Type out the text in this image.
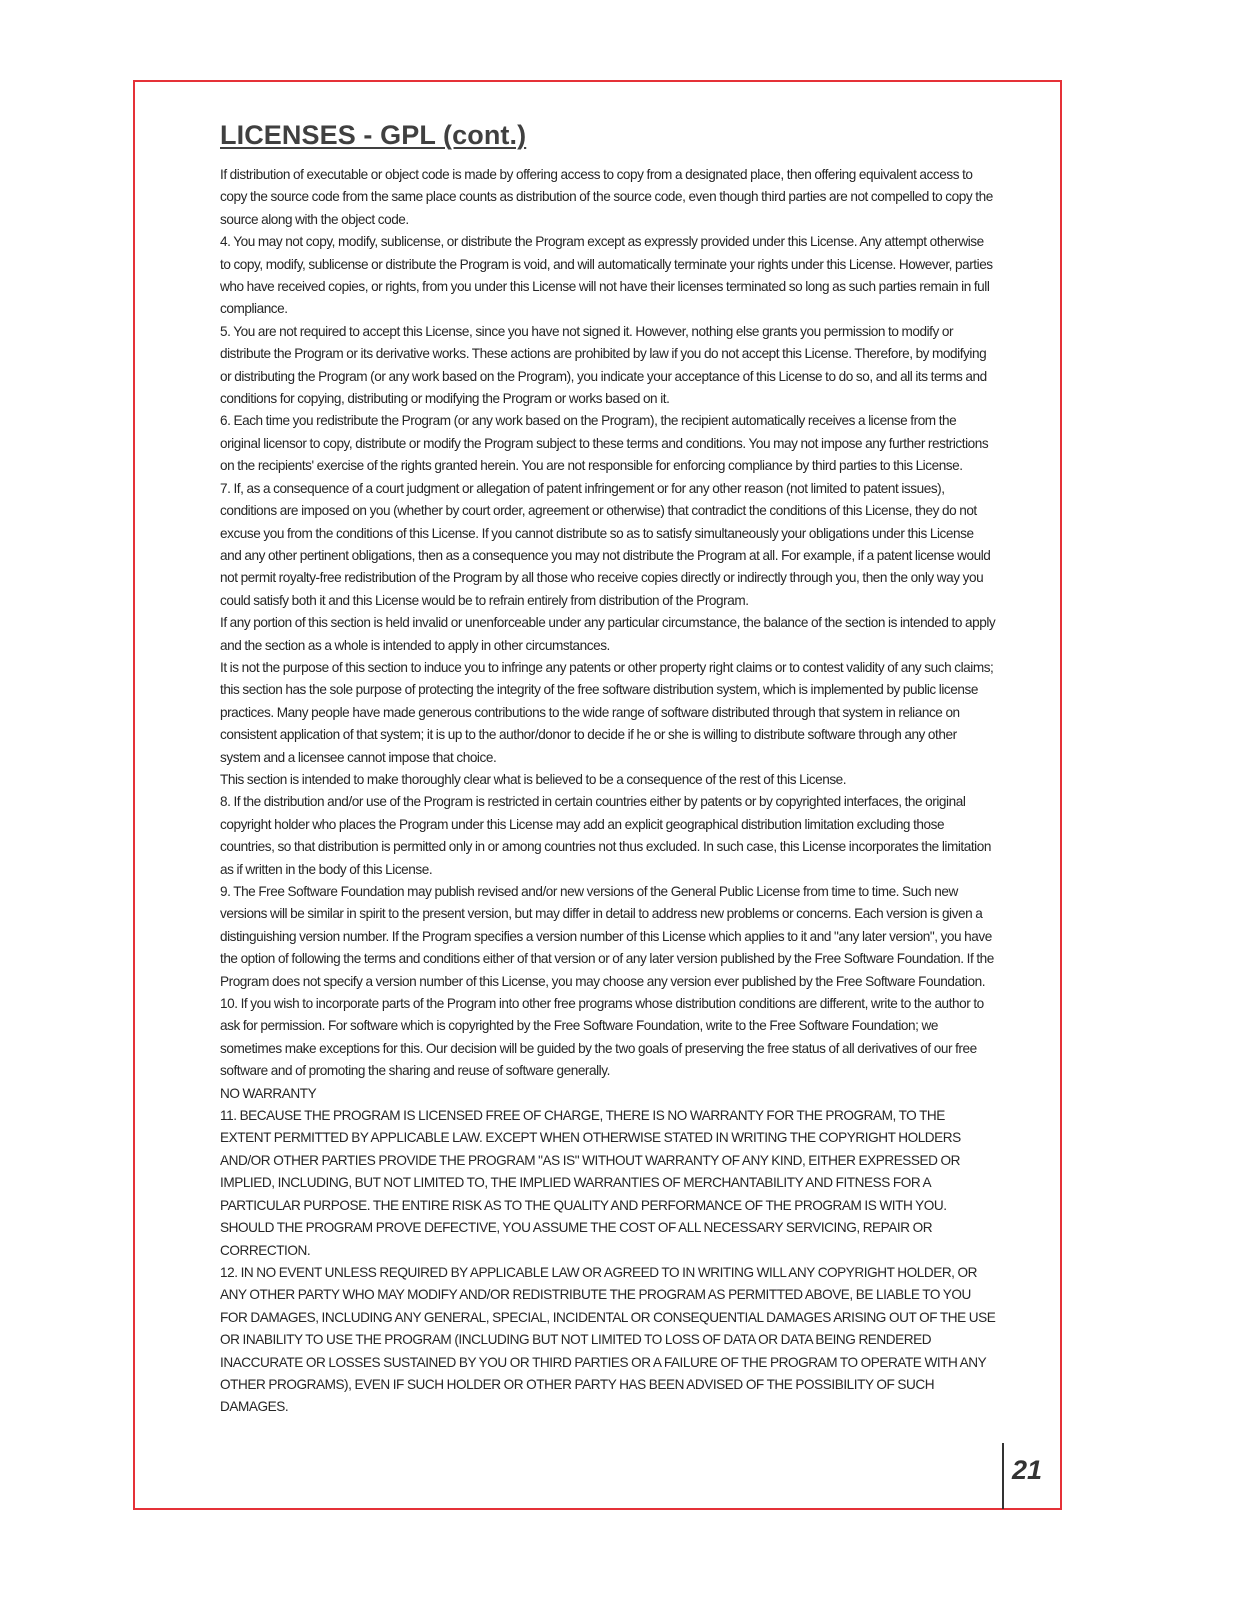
LICENSES - GPL (cont.)

If distribution of executable or object code is made by offering access to copy from a designated place, then offering equivalent access to copy the source code from the same place counts as distribution of the source code, even though third parties are not compelled to copy the source along with the object code.

4. You may not copy, modify, sublicense, or distribute the Program except as expressly provided under this License. Any attempt otherwise to copy, modify, sublicense or distribute the Program is void, and will automatically terminate your rights under this License. However, parties who have received copies, or rights, from you under this License will not have their licenses terminated so long as such parties remain in full compliance.

5. You are not required to accept this License, since you have not signed it. However, nothing else grants you permission to modify or distribute the Program or its derivative works. These actions are prohibited by law if you do not accept this License. Therefore, by modifying or distributing the Program (or any work based on the Program), you indicate your acceptance of this License to do so, and all its terms and conditions for copying, distributing or modifying the Program or works based on it.

6. Each time you redistribute the Program (or any work based on the Program), the recipient automatically receives a license from the original licensor to copy, distribute or modify the Program subject to these terms and conditions. You may not impose any further restrictions on the recipients' exercise of the rights granted herein. You are not responsible for enforcing compliance by third parties to this License.

7. If, as a consequence of a court judgment or allegation of patent infringement or for any other reason (not limited to patent issues), conditions are imposed on you (whether by court order, agreement or otherwise) that contradict the conditions of this License, they do not excuse you from the conditions of this License. If you cannot distribute so as to satisfy simultaneously your obligations under this License and any other pertinent obligations, then as a consequence you may not distribute the Program at all. For example, if a patent license would not permit royalty-free redistribution of the Program by all those who receive copies directly or indirectly through you, then the only way you could satisfy both it and this License would be to refrain entirely from distribution of the Program.

If any portion of this section is held invalid or unenforceable under any particular circumstance, the balance of the section is intended to apply and the section as a whole is intended to apply in other circumstances.

It is not the purpose of this section to induce you to infringe any patents or other property right claims or to contest validity of any such claims; this section has the sole purpose of protecting the integrity of the free software distribution system, which is implemented by public license practices. Many people have made generous contributions to the wide range of software distributed through that system in reliance on consistent application of that system; it is up to the author/donor to decide if he or she is willing to distribute software through any other system and a licensee cannot impose that choice.

This section is intended to make thoroughly clear what is believed to be a consequence of the rest of this License.

8. If the distribution and/or use of the Program is restricted in certain countries either by patents or by copyrighted interfaces, the original copyright holder who places the Program under this License may add an explicit geographical distribution limitation excluding those countries, so that distribution is permitted only in or among countries not thus excluded. In such case, this License incorporates the limitation as if written in the body of this License.

9. The Free Software Foundation may publish revised and/or new versions of the General Public License from time to time. Such new versions will be similar in spirit to the present version, but may differ in detail to address new problems or concerns. Each version is given a distinguishing version number. If the Program specifies a version number of this License which applies to it and "any later version", you have the option of following the terms and conditions either of that version or of any later version published by the Free Software Foundation. If the Program does not specify a version number of this License, you may choose any version ever published by the Free Software Foundation.

10. If you wish to incorporate parts of the Program into other free programs whose distribution conditions are different, write to the author to ask for permission. For software which is copyrighted by the Free Software Foundation, write to the Free Software Foundation; we sometimes make exceptions for this. Our decision will be guided by the two goals of preserving the free status of all derivatives of our free software and of promoting the sharing and reuse of software generally.

NO WARRANTY

11. BECAUSE THE PROGRAM IS LICENSED FREE OF CHARGE, THERE IS NO WARRANTY FOR THE PROGRAM, TO THE EXTENT PERMITTED BY APPLICABLE LAW. EXCEPT WHEN OTHERWISE STATED IN WRITING THE COPYRIGHT HOLDERS AND/OR OTHER PARTIES PROVIDE THE PROGRAM "AS IS" WITHOUT WARRANTY OF ANY KIND, EITHER EXPRESSED OR IMPLIED, INCLUDING, BUT NOT LIMITED TO, THE IMPLIED WARRANTIES OF MERCHANTABILITY AND FITNESS FOR A PARTICULAR PURPOSE. THE ENTIRE RISK AS TO THE QUALITY AND PERFORMANCE OF THE PROGRAM IS WITH YOU. SHOULD THE PROGRAM PROVE DEFECTIVE, YOU ASSUME THE COST OF ALL NECESSARY SERVICING, REPAIR OR CORRECTION.

12. IN NO EVENT UNLESS REQUIRED BY APPLICABLE LAW OR AGREED TO IN WRITING WILL ANY COPYRIGHT HOLDER, OR ANY OTHER PARTY WHO MAY MODIFY AND/OR REDISTRIBUTE THE PROGRAM AS PERMITTED ABOVE, BE LIABLE TO YOU FOR DAMAGES, INCLUDING ANY GENERAL, SPECIAL, INCIDENTAL OR CONSEQUENTIAL DAMAGES ARISING OUT OF THE USE OR INABILITY TO USE THE PROGRAM (INCLUDING BUT NOT LIMITED TO LOSS OF DATA OR DATA BEING RENDERED INACCURATE OR LOSSES SUSTAINED BY YOU OR THIRD PARTIES OR A FAILURE OF THE PROGRAM TO OPERATE WITH ANY OTHER PROGRAMS), EVEN IF SUCH HOLDER OR OTHER PARTY HAS BEEN ADVISED OF THE POSSIBILITY OF SUCH DAMAGES.

21
